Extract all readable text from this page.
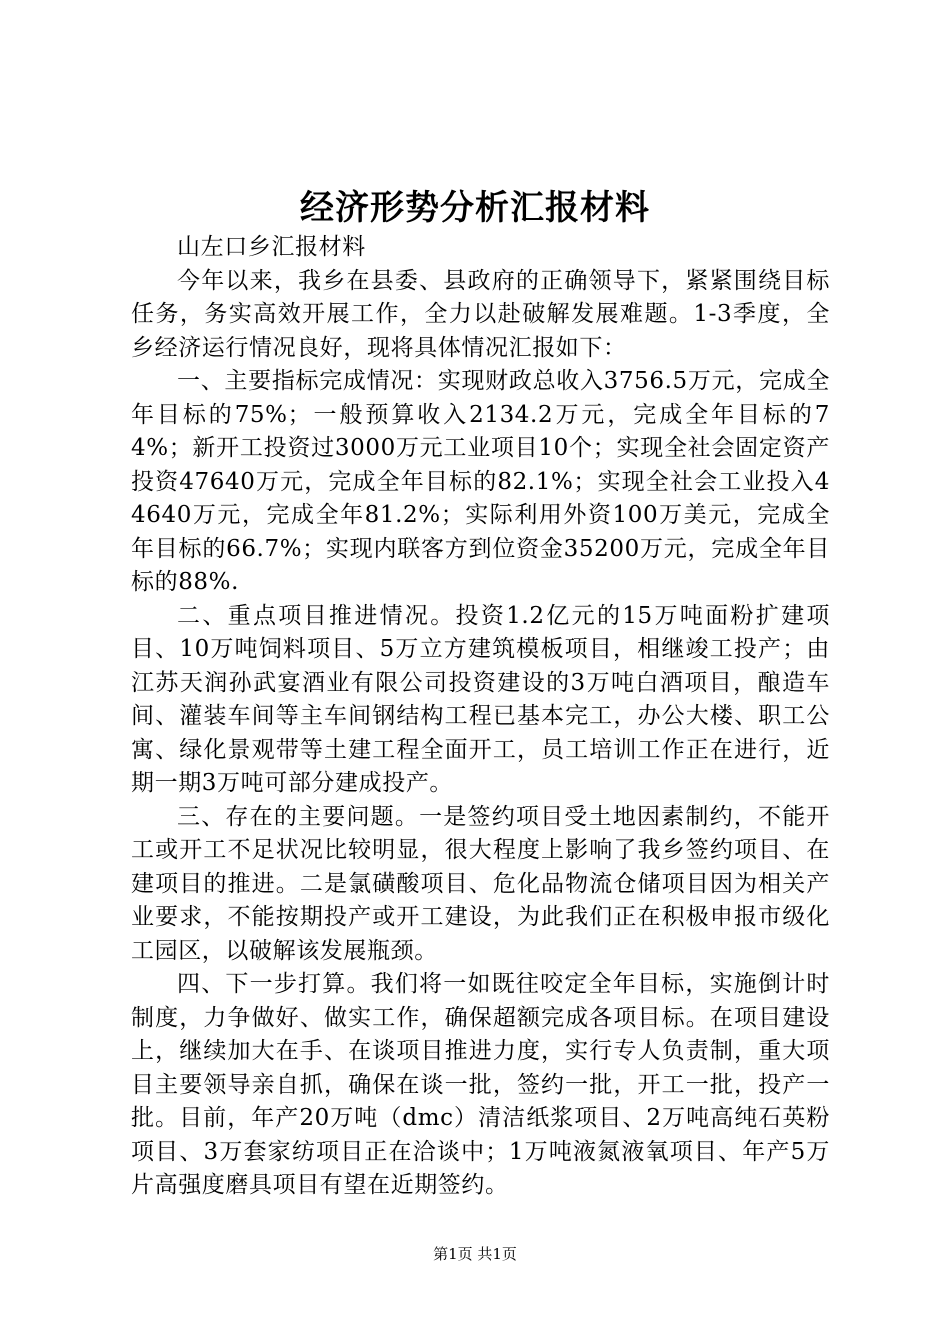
经济形势分析汇报材料

山左口乡汇报材料

今年以来，我乡在县委、县政府的正确领导下，紧紧围绕目标任务，务实高效开展工作，全力以赴破解发展难题。1-3季度，全乡经济运行情况良好，现将具体情况汇报如下：

一、主要指标完成情况：实现财政总收入3756.5万元，完成全年目标的75%；一般预算收入2134.2万元，完成全年目标的74%；新开工投资过3000万元工业项目10个；实现全社会固定资产投资47640万元，完成全年目标的82.1%；实现全社会工业投入44640万元，完成全年81.2%；实际利用外资100万美元，完成全年目标的66.7%；实现内联客方到位资金35200万元，完成全年目标的88%.

二、重点项目推进情况。投资1.2亿元的15万吨面粉扩建项目、10万吨饲料项目、5万立方建筑模板项目，相继竣工投产；由江苏天润孙武宴酒业有限公司投资建设的3万吨白酒项目，酿造车间、灌装车间等主车间钢结构工程已基本完工，办公大楼、职工公寓、绿化景观带等土建工程全面开工，员工培训工作正在进行，近期一期3万吨可部分建成投产。

三、存在的主要问题。一是签约项目受土地因素制约，不能开工或开工不足状况比较明显，很大程度上影响了我乡签约项目、在建项目的推进。二是氯磺酸项目、危化品物流仓储项目因为相关产业要求，不能按期投产或开工建设，为此我们正在积极申报市级化工园区，以破解该发展瓶颈。

四、下一步打算。我们将一如既往咬定全年目标，实施倒计时制度，力争做好、做实工作，确保超额完成各项目标。在项目建设上，继续加大在手、在谈项目推进力度，实行专人负责制，重大项目主要领导亲自抓，确保在谈一批，签约一批，开工一批，投产一批。目前，年产20万吨（dmc）清洁纸浆项目、2万吨高纯石英粉项目、3万套家纺项目正在洽谈中；1万吨液氮液氧项目、年产5万片高强度磨具项目有望在近期签约。

第1页 共1页
